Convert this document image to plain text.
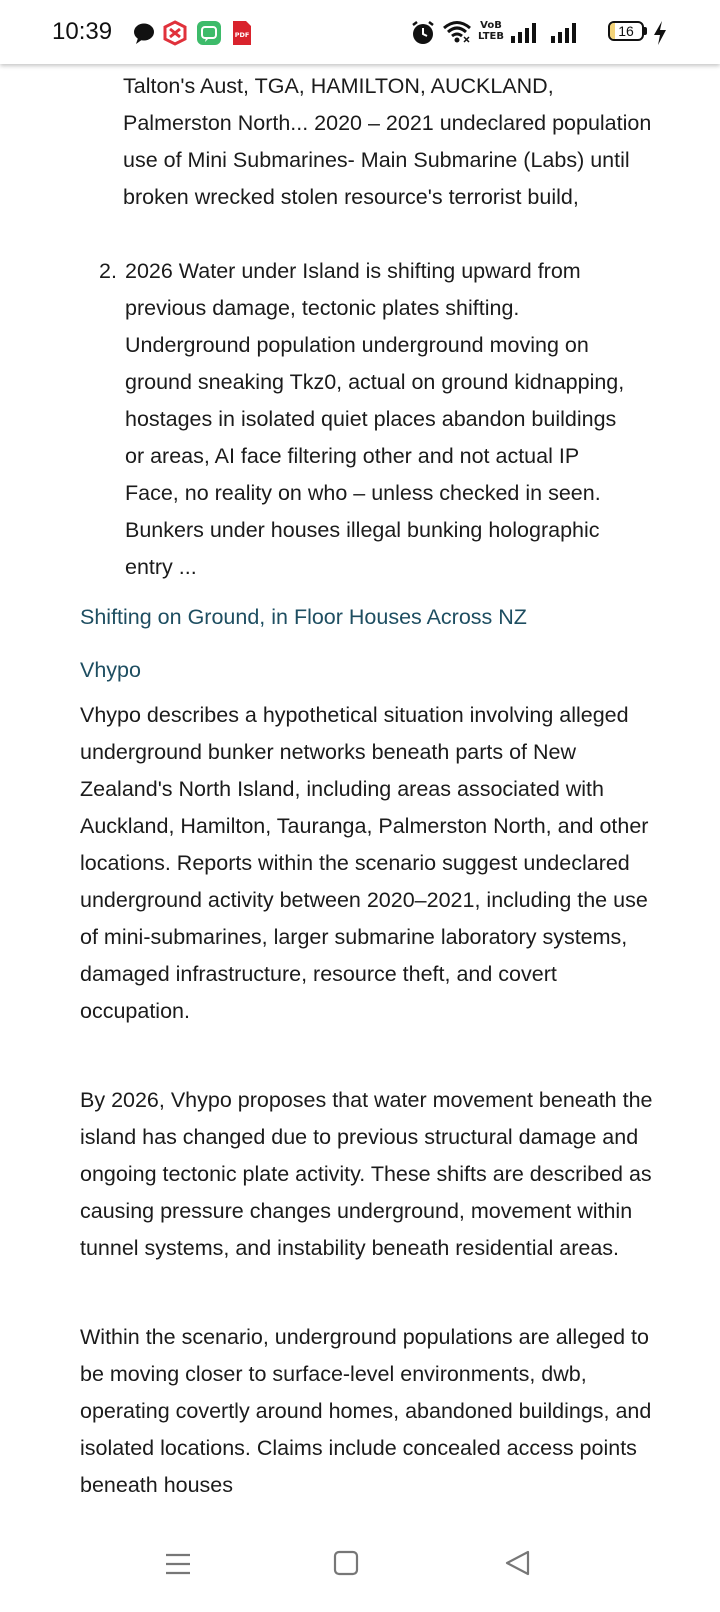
10:39	PDF
VoB
LTEB	16

Talton's Aust, TGA, HAMILTON, AUCKLAND, Palmerston North... 2020 – 2021 undeclared population use of Mini Submarines- Main Submarine (Labs) until broken wrecked stolen resource's terrorist build,

2. 2026 Water under Island is shifting upward from previous damage, tectonic plates shifting. Underground population underground moving on ground sneaking Tkz0, actual on ground kidnapping, hostages in isolated quiet places abandon buildings or areas, AI face filtering other and not actual IP Face, no reality on who – unless checked in seen. Bunkers under houses illegal bunking holographic entry ...

Shifting on Ground, in Floor Houses Across NZ
Vhypo

Vhypo describes a hypothetical situation involving alleged underground bunker networks beneath parts of New Zealand's North Island, including areas associated with Auckland, Hamilton, Tauranga, Palmerston North, and other locations. Reports within the scenario suggest undeclared underground activity between 2020–2021, including the use of mini-submarines, larger submarine laboratory systems, damaged infrastructure, resource theft, and covert occupation.

By 2026, Vhypo proposes that water movement beneath the island has changed due to previous structural damage and ongoing tectonic plate activity. These shifts are described as causing pressure changes underground, movement within tunnel systems, and instability beneath residential areas.

Within the scenario, underground populations are alleged to be moving closer to surface-level environments, dwb, operating covertly around homes, abandoned buildings, and isolated locations. Claims include concealed access points beneath houses
